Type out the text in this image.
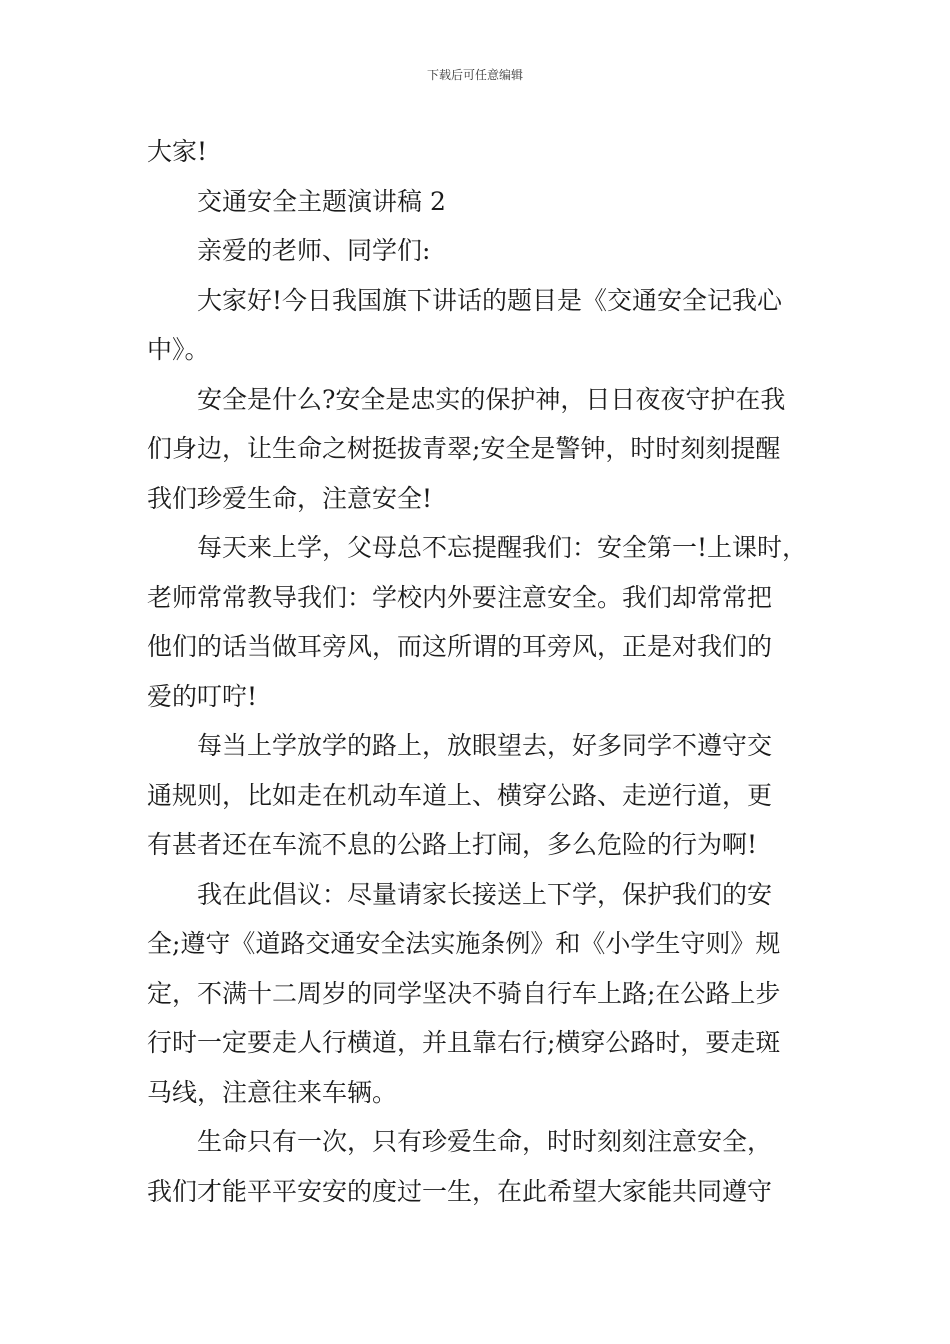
下载后可任意编辑
大家!
交通安全主题演讲稿 2
亲爱的老师、同学们:
大家好!今日我国旗下讲话的题目是《交通安全记我心
中》。
安全是什么?安全是忠实的保护神，日日夜夜守护在我
们身边，让生命之树挺拔青翠;安全是警钟，时时刻刻提醒
我们珍爱生命，注意安全!
每天来上学，父母总不忘提醒我们：安全第一!上课时，
老师常常教导我们：学校内外要注意安全。我们却常常把
他们的话当做耳旁风，而这所谓的耳旁风，正是对我们的
爱的叮咛!
每当上学放学的路上，放眼望去，好多同学不遵守交
通规则，比如走在机动车道上、横穿公路、走逆行道，更
有甚者还在车流不息的公路上打闹，多么危险的行为啊!
我在此倡议：尽量请家长接送上下学，保护我们的安
全;遵守《道路交通安全法实施条例》和《小学生守则》规
定，不满十二周岁的同学坚决不骑自行车上路;在公路上步
行时一定要走人行横道，并且靠右行;横穿公路时，要走斑
马线，注意往来车辆。
生命只有一次，只有珍爱生命，时时刻刻注意安全，
我们才能平平安安的度过一生，在此希望大家能共同遵守
